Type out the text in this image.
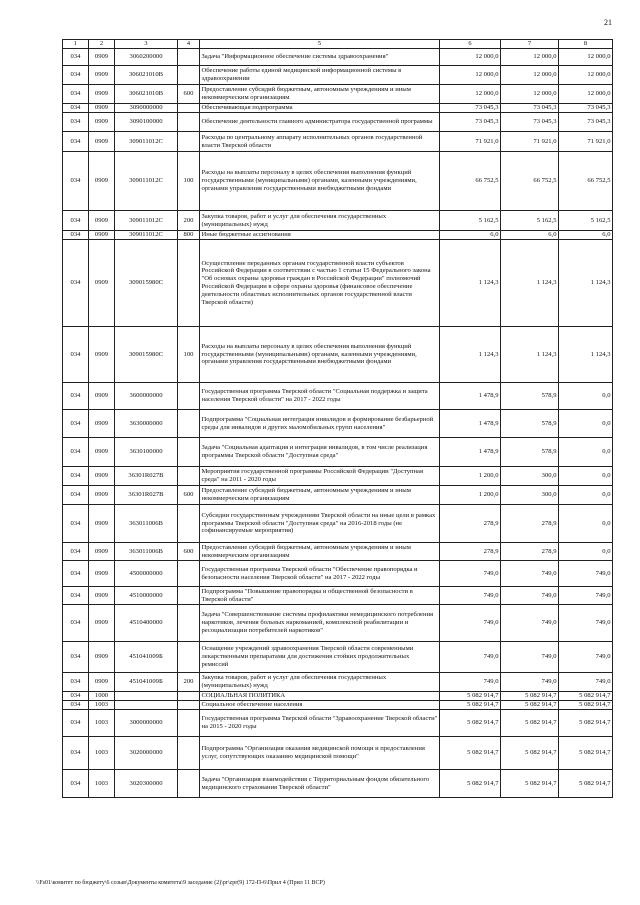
21
1	2	3	4	5	6	7	8
034	0909	3060200000		Задача "Информационное обеспечение системы здравоохранения"	12 000,0	12 000,0	12 000,0
034	0909	306021010В		Обеспечение работы единой медицинской информационной системы в здравоохранении	12 000,0	12 000,0	12 000,0
034	0909	306021010В	600	Предоставление субсидий бюджетным, автономным учреждениям и иным некоммерческим организациям	12 000,0	12 000,0	12 000,0
034	0909	3090000000		Обеспечивающая подпрограмма	73 045,3	73 045,3	73 045,3
034	0909	3090100000		Обеспечение деятельности главного администратора государственной программы	73 045,3	73 045,3	73 045,3
034	0909	309011012С		Расходы по центральному аппарату исполнительных органов государственной власти Тверской области	71 921,0	71 921,0	71 921,0
034	0909	309011012С	100	Расходы на выплаты персоналу в целях обеспечения выполнения функций государственными (муниципальными) органами, казенными учреждениями, органами управления государственными внебюджетными фондами	66 752,5	66 752,5	66 752,5
034	0909	309011012С	200	Закупка товаров, работ и услуг для обеспечения государственных (муниципальных) нужд	5 162,5	5 162,5	5 162,5
034	0909	309011012С	800	Иные бюджетные ассигнования	6,0	6,0	6,0
034	0909	309015980С		Осуществление переданных органам государственной власти субъектов Российской Федерации в соответствии с частью 1 статьи 15 Федерального закона "Об основах охраны здоровья граждан в Российской Федерации" полномочий Российской Федерации в сфере охраны здоровья (финансовое обеспечение деятельности областных исполнительных органов государственной власти Тверской области)	1 124,3	1 124,3	1 124,3
034	0909	309015980С	100	Расходы на выплаты персоналу в целях обеспечения выполнения функций государственными (муниципальными) органами, казенными учреждениями, органами управления государственными внебюджетными фондами	1 124,3	1 124,3	1 124,3
034	0909	3600000000		Государственная программа Тверской области "Социальная поддержка и защита населения Тверской области" на 2017 - 2022 годы	1 478,9	578,9	0,0
034	0909	3630000000		Подпрограмма "Социальная интеграция инвалидов и формирование безбарьерной среды для инвалидов и других маломобильных групп населения"	1 478,9	578,9	0,0
034	0909	3630100000		Задача "Социальная адаптация и интеграция инвалидов, в том числе реализация программы Тверской области "Доступная среда"	1 478,9	578,9	0,0
034	0909	36301R027В		Мероприятия государственной программы Российской Федерации "Доступная среда" на 2011 - 2020 годы	1 200,0	300,0	0,0
034	0909	36301R027В	600	Предоставление субсидий бюджетным, автономным учреждениям и иным некоммерческим организациям	1 200,0	300,0	0,0
034	0909	363011006В		Субсидии государственным учреждениям Тверской области на иные цели в рамках программы Тверской области "Доступная среда" на 2016-2018 годы (не софинансируемые мероприятия)	278,9	278,9	0,0
034	0909	363011006В	600	Предоставление субсидий бюджетным, автономным учреждениям и иным некоммерческим организациям	278,9	278,9	0,0
034	0909	4500000000		Государственная программа Тверской области "Обеспечение правопорядка и безопасности населения Тверской области" на 2017 - 2022 годы	749,0	749,0	749,0
034	0909	4510000000		Подпрограмма "Повышение правопорядка и общественной безопасности в Тверской области"	749,0	749,0	749,0
034	0909	4510400000		Задача "Совершенствование системы профилактики немедицинского потребления наркотиков, лечения больных наркоманией, комплексной реабилитации и ресоциализации потребителей наркотиков"	749,0	749,0	749,0
034	0909	451041009Б		Оснащение учреждений здравоохранения Тверской области современными лекарственными препаратами для достижения стойких продолжительных ремиссий	749,0	749,0	749,0
034	0909	451041009Б	200	Закупка товаров, работ и услуг для обеспечения государственных (муниципальных) нужд	749,0	749,0	749,0
034	1000			СОЦИАЛЬНАЯ ПОЛИТИКА	5 082 914,7	5 082 914,7	5 082 914,7
034	1003			Социальное обеспечение населения	5 082 914,7	5 082 914,7	5 082 914,7
034	1003	3000000000		Государственная программа Тверской области "Здравоохранение Тверской области" на 2015 - 2020 годы	5 082 914,7	5 082 914,7	5 082 914,7
034	1003	3020000000		Подпрограмма "Организация оказания медицинской помощи и предоставления услуг, сопутствующих оказанию медицинской помощи"	5 082 914,7	5 082 914,7	5 082 914,7
034	1003	3020300000		Задача "Организация взаимодействия с Территориальным фондом обязательного медицинского страхования Тверской области"	5 082 914,7	5 082 914,7	5 082 914,7
\\Fs01\комитет по бюджету\6 созыв\Документы комитета\9 заседание (2)\pr\zpr(9) 172-П-6\Прил 4 (Прил 11 ВСР)
